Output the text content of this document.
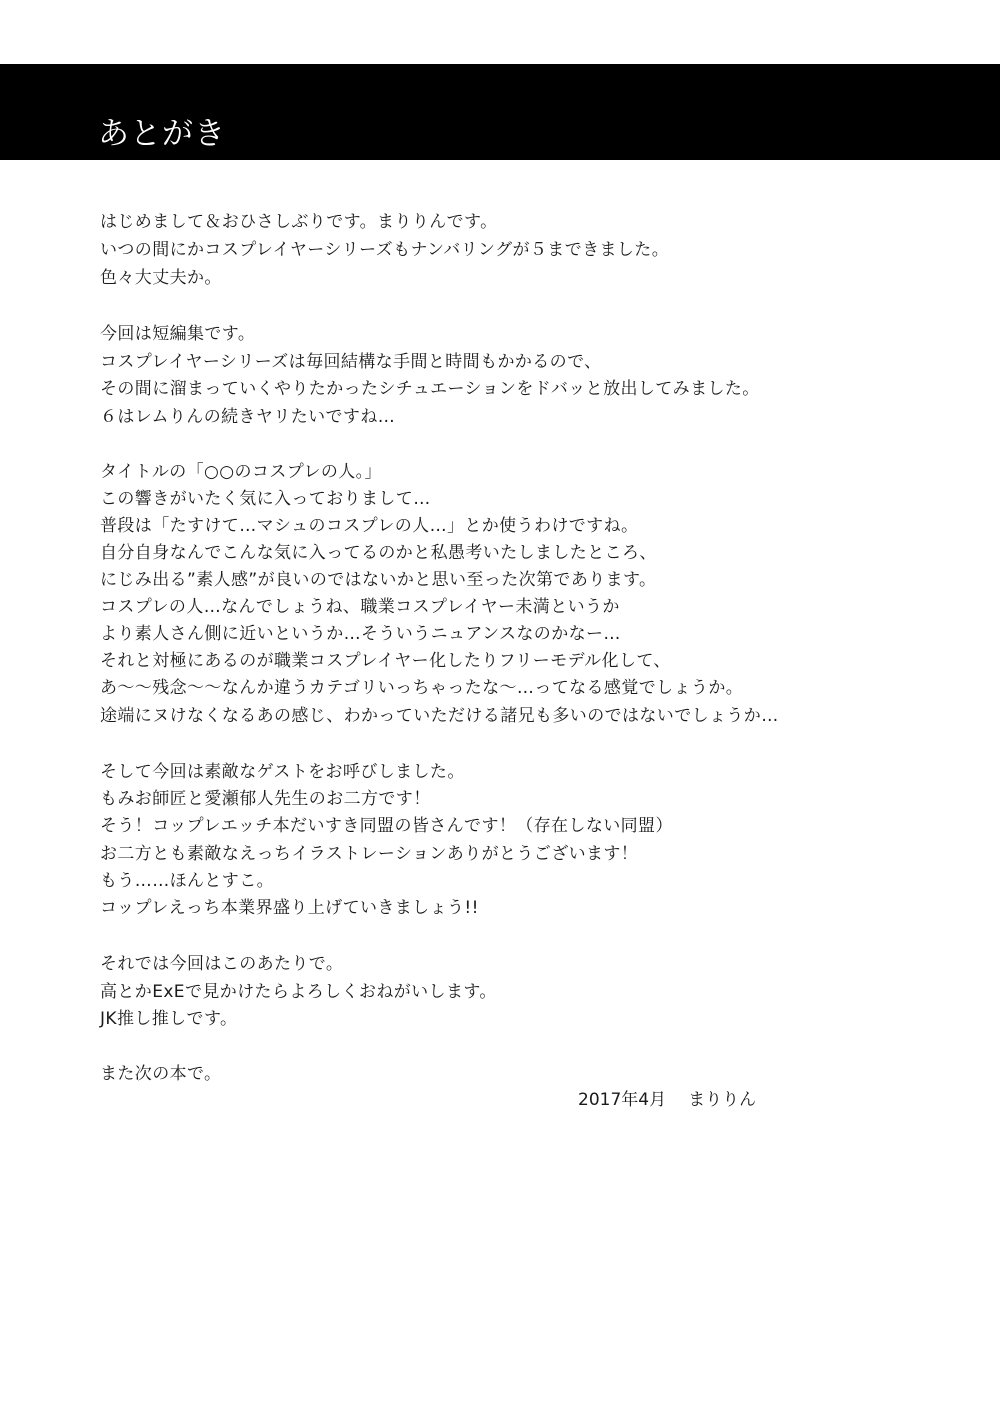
あとがき
はじめまして＆おひさしぶりです。まりりんです。
いつの間にかコスプレイヤーシリーズもナンバリングが５まできました。
色々大丈夫か。
今回は短編集です。
コスプレイヤーシリーズは毎回結構な手間と時間もかかるので、
その間に溜まっていくやりたかったシチュエーションをドバッと放出してみました。
６はレムりんの続きヤリたいですね…
タイトルの「○○のコスプレの人。」
この響きがいたく気に入っておりまして…
普段は「たすけて…マシュのコスプレの人…」とか使うわけですね。
自分自身なんでこんな気に入ってるのかと私愚考いたしましたところ、
にじみ出る”素人感”が良いのではないかと思い至った次第であります。
コスプレの人…なんでしょうね、職業コスプレイヤー未満というか
より素人さん側に近いというか…そういうニュアンスなのかなー…
それと対極にあるのが職業コスプレイヤー化したりフリーモデル化して、
あ～～残念～～なんか違うカテゴリいっちゃったな～…ってなる感覚でしょうか。
途端にヌけなくなるあの感じ、わかっていただける諸兄も多いのではないでしょうか…
そして今回は素敵なゲストをお呼びしました。
もみお師匠と愛瀬郁人先生のお二方です！
そう！コップレエッチ本だいすき同盟の皆さんです！（存在しない同盟）
お二方とも素敵なえっちイラストレーションありがとうございます！
もう……ほんとすこ。
コップレえっち本業界盛り上げていきましょう!!
それでは今回はこのあたりで。
高とかExEで見かけたらよろしくおねがいします。
JK推し推しです。
また次の本で。
2017年4月 まりりん
